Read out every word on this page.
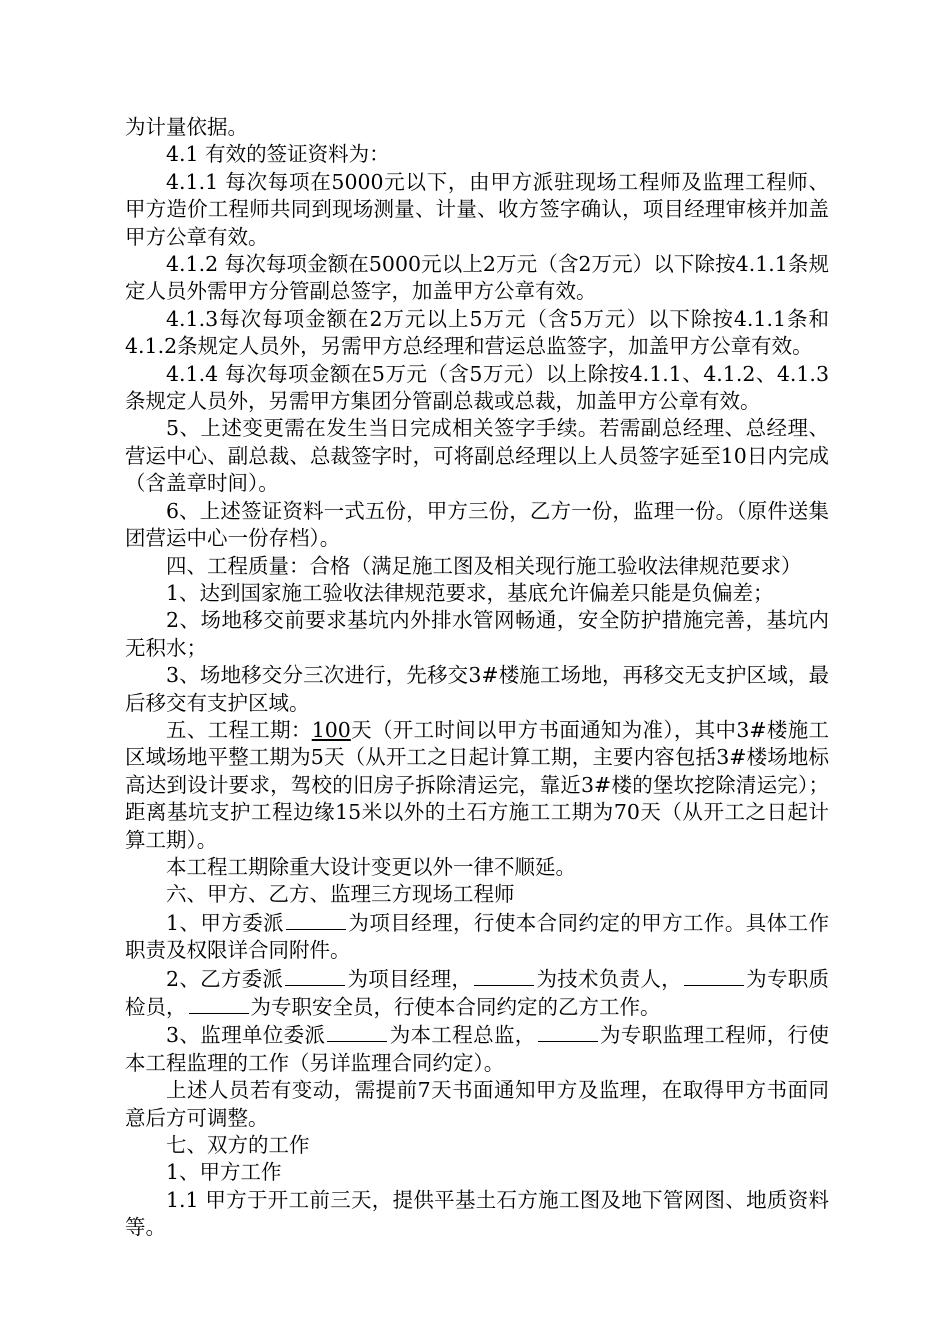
为计量依据。

4.1 有效的签证资料为：

4.1.1 每次每项在5000元以下，由甲方派驻现场工程师及监理工程师、甲方造价工程师共同到现场测量、计量、收方签字确认，项目经理审核并加盖甲方公章有效。

4.1.2 每次每项金额在5000元以上2万元（含2万元）以下除按4.1.1条规定人员外需甲方分管副总签字，加盖甲方公章有效。

4.1.3每次每项金额在2万元以上5万元（含5万元）以下除按4.1.1条和4.1.2条规定人员外，另需甲方总经理和营运总监签字，加盖甲方公章有效。

4.1.4 每次每项金额在5万元（含5万元）以上除按4.1.1、4.1.2、4.1.3条规定人员外，另需甲方集团分管副总裁或总裁，加盖甲方公章有效。

5、上述变更需在发生当日完成相关签字手续。若需副总经理、总经理、营运中心、副总裁、总裁签字时，可将副总经理以上人员签字延至10日内完成（含盖章时间）。

6、上述签证资料一式五份，甲方三份，乙方一份，监理一份。（原件送集团营运中心一份存档）。

四、工程质量：合格（满足施工图及相关现行施工验收法律规范要求）

1、达到国家施工验收法律规范要求，基底允许偏差只能是负偏差；

2、场地移交前要求基坑内外排水管网畅通，安全防护措施完善，基坑内无积水；

3、场地移交分三次进行，先移交3#楼施工场地，再移交无支护区域，最后移交有支护区域。

五、工程工期：100天（开工时间以甲方书面通知为准），其中3#楼施工区域场地平整工期为5天（从开工之日起计算工期，主要内容包括3#楼场地标高达到设计要求，驾校的旧房子拆除清运完，靠近3#楼的堡坎挖除清运完）；距离基坑支护工程边缘15米以外的土石方施工工期为70天（从开工之日起计算工期）。

本工程工期除重大设计变更以外一律不顺延。

六、甲方、乙方、监理三方现场工程师

1、甲方委派	为项目经理，行使本合同约定的甲方工作。具体工作职责及权限详合同附件。

2、乙方委派	为项目经理，	为技术负责人，	为专职质检员，	为专职安全员，行使本合同约定的乙方工作。

3、监理单位委派	为本工程总监，	为专职监理工程师，行使本工程监理的工作（另详监理合同约定）。

上述人员若有变动，需提前7天书面通知甲方及监理，在取得甲方书面同意后方可调整。

七、双方的工作

1、甲方工作

1.1 甲方于开工前三天，提供平基土石方施工图及地下管网图、地质资料等。
